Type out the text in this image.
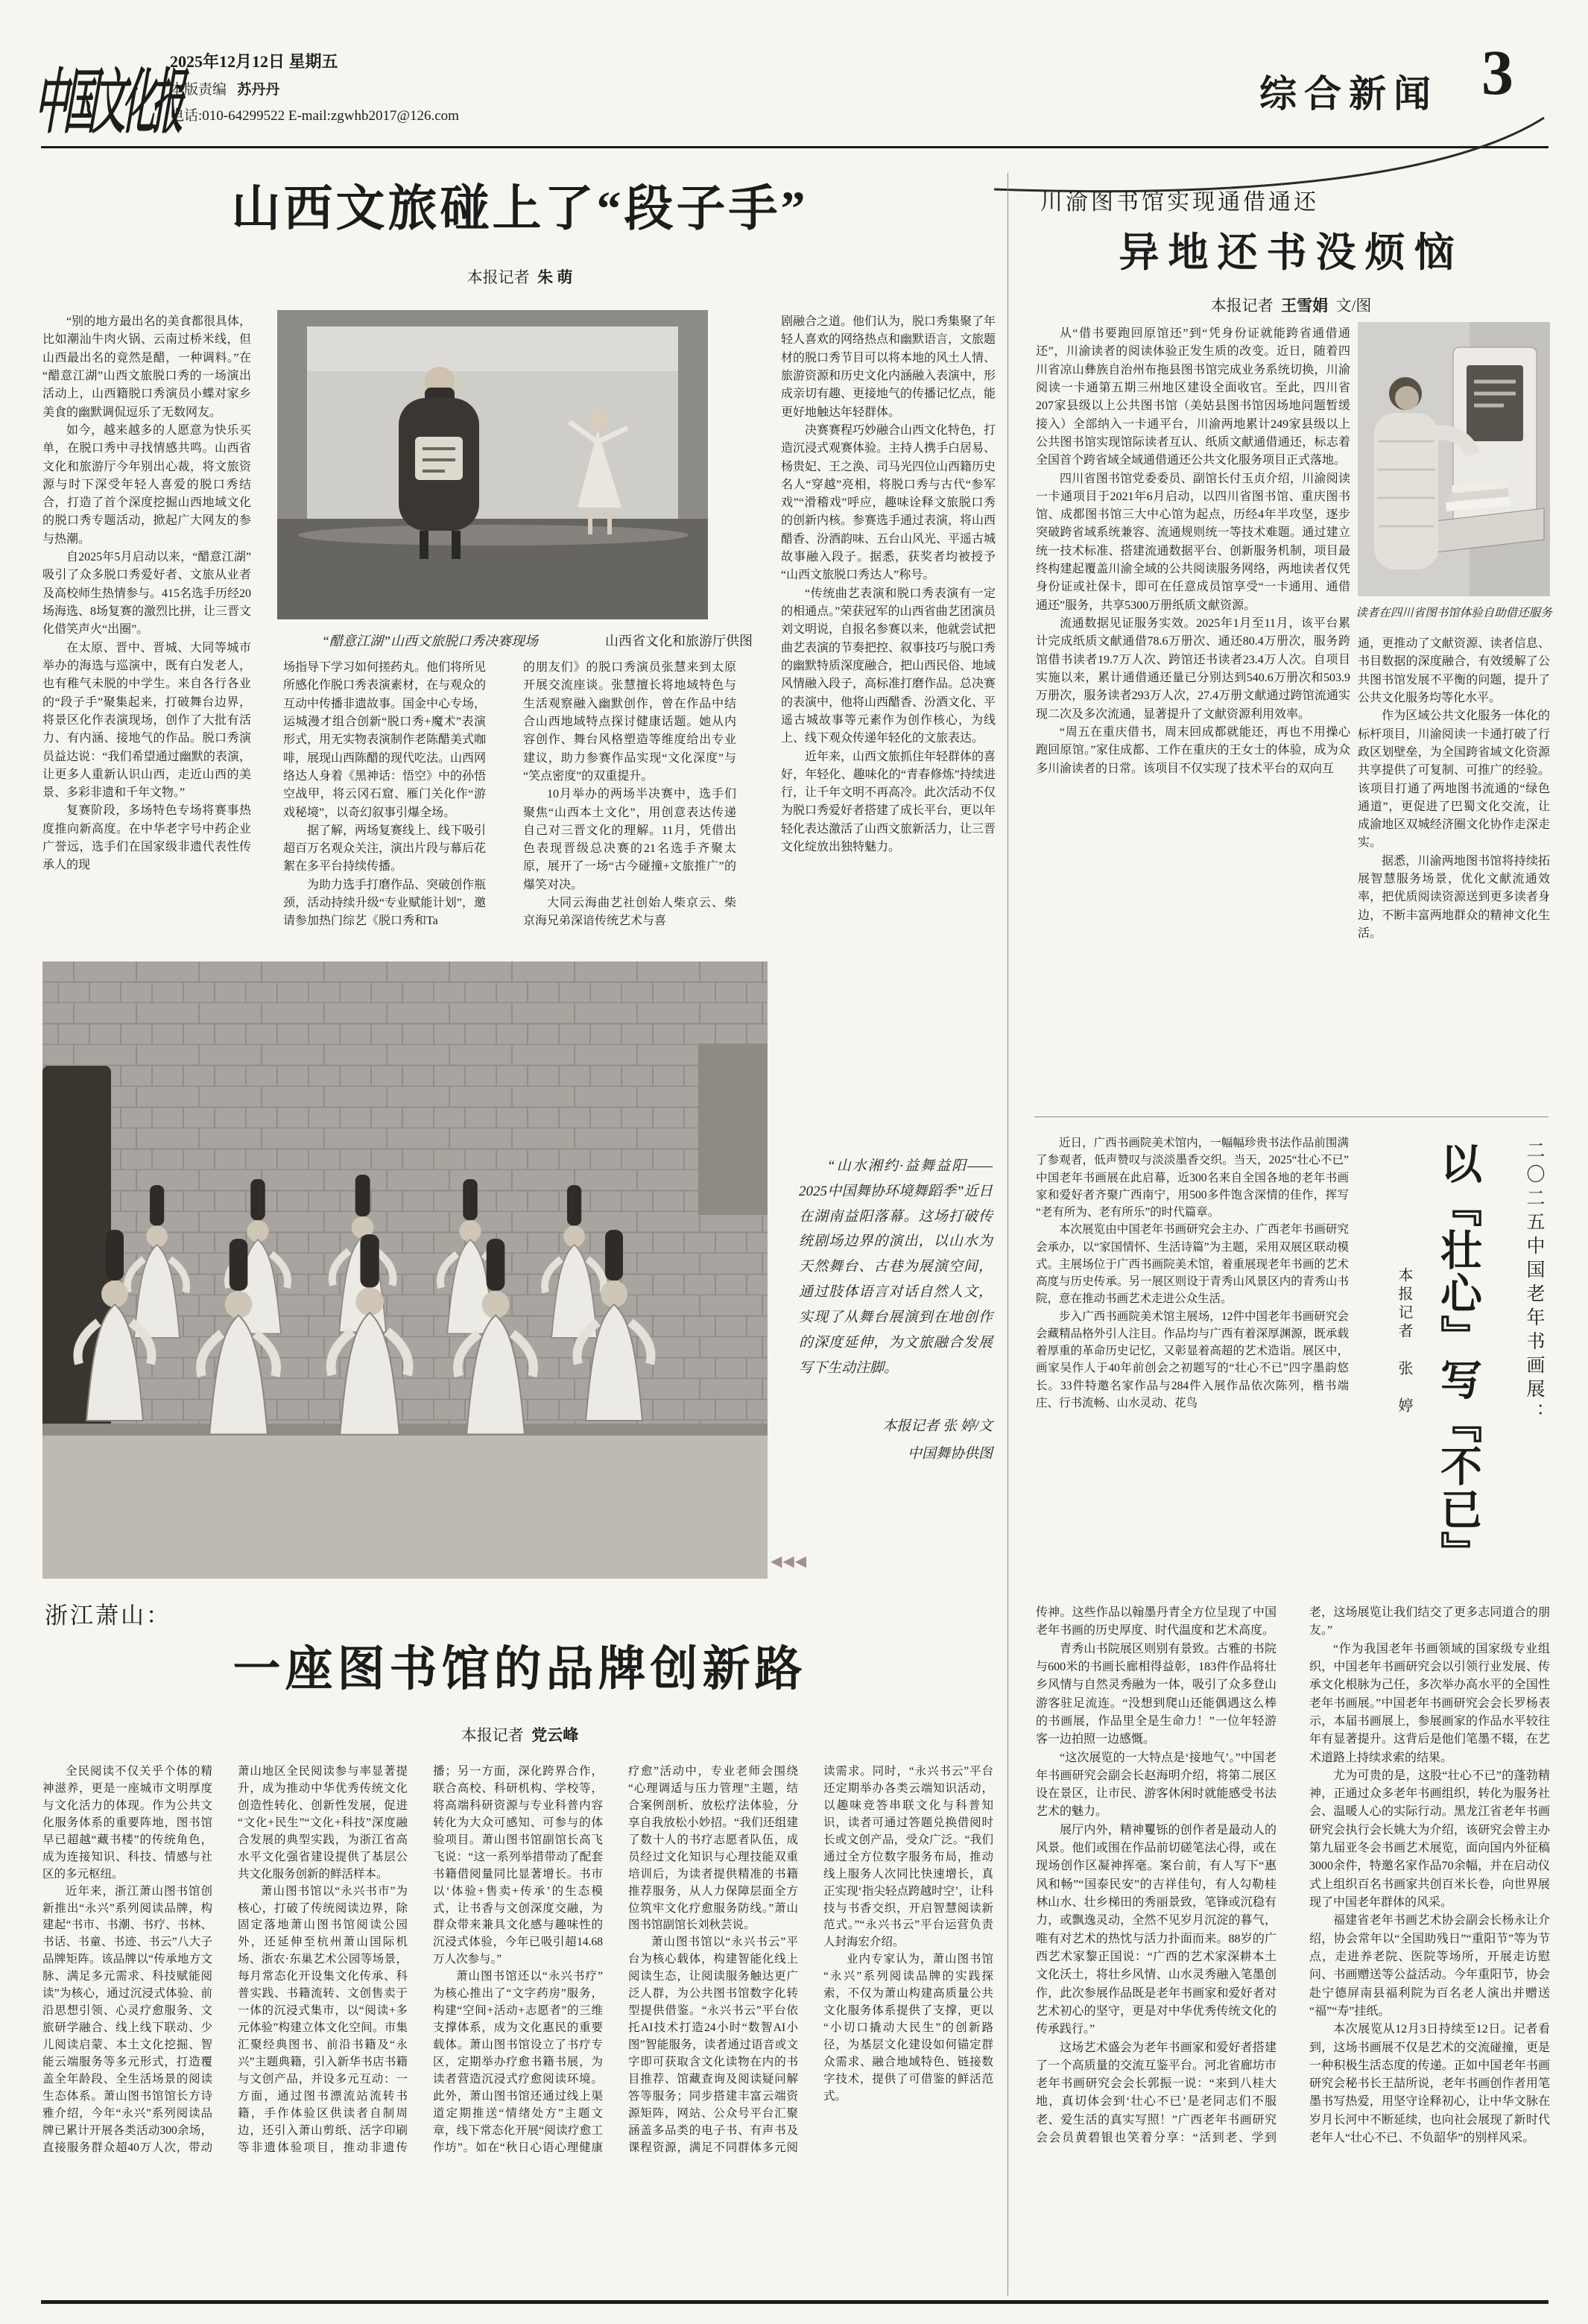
中国文化报
2025年12月12日 星期五
本版责编 苏丹丹
电话:010-64299522 E-mail:zgwhb2017@126.com
综合新闻 3
山西文旅碰上了“段子手”
本报记者 朱 萌

“别的地方最出名的美食都很具体，比如潮汕牛肉火锅、云南过桥米线，但山西最出名的竟然是醋，一种调料。”在“醋意江湖”山西文旅脱口秀的一场演出活动上，山西籍脱口秀演员小蝶对家乡美食的幽默调侃逗乐了无数网友。

如今，越来越多的人愿意为快乐买单，在脱口秀中寻找情感共鸣。山西省文化和旅游厅今年别出心裁，将文旅资源与时下深受年轻人喜爱的脱口秀结合，打造了首个深度挖掘山西地域文化的脱口秀专题活动，掀起广大网友的参与热潮。

自2025年5月启动以来，“醋意江湖”吸引了众多脱口秀爱好者、文旅从业者及高校师生热情参与。415名选手历经20场海选、8场复赛的激烈比拼，让三晋文化借笑声火“出圈”。

在太原、晋中、晋城、大同等城市举办的海选与巡演中，既有白发老人，也有稚气未脱的中学生。来自各行各业的“段子手”聚集起来，打破舞台边界，将景区化作表演现场，创作了大批有活力、有内涵、接地气的作品。脱口秀演员益达说：“我们希望通过幽默的表演，让更多人重新认识山西，走近山西的美景、多彩非遗和千年文物。”

复赛阶段，多场特色专场将赛事热度推向新高度。在中华老字号中药企业广誉远，选手们在国家级非遗代表性传承人的现

“醋意江湖”山西文旅脱口秀决赛现场	山西省文化和旅游厅供图

场指导下学习如何搓药丸。他们将所见所感化作脱口秀表演素材，在与观众的互动中传播非遗故事。国金中心专场，运城漫才组合创新“脱口秀+魔术”表演形式，用无实物表演制作老陈醋美式咖啡，展现山西陈醋的现代吃法。山西网络达人身着《黑神话：悟空》中的孙悟空战甲，将云冈石窟、雁门关化作“游戏秘境”，以奇幻叙事引爆全场。

据了解，两场复赛线上、线下吸引超百万名观众关注，演出片段与幕后花絮在多平台持续传播。

为助力选手打磨作品、突破创作瓶颈，活动持续升级“专业赋能计划”，邀请参加热门综艺《脱口秀和Ta

的朋友们》的脱口秀演员张慧来到太原开展交流座谈。张慧擅长将地域特色与生活观察融入幽默创作，曾在作品中结合山西地域特点探讨健康话题。她从内容创作、舞台风格塑造等维度给出专业建议，助力参赛作品实现“文化深度”与“笑点密度”的双重提升。

10月举办的两场半决赛中，选手们聚焦“山西本土文化”，用创意表达传递自己对三晋文化的理解。11月，凭借出色表现晋级总决赛的21名选手齐聚太原，展开了一场“古今碰撞+文旅推广”的爆笑对决。

大同云海曲艺社创始人柴京云、柴京海兄弟深谙传统艺术与喜

剧融合之道。他们认为，脱口秀集聚了年轻人喜欢的网络热点和幽默语言，文旅题材的脱口秀节目可以将本地的风土人情、旅游资源和历史文化内涵融入表演中，形成亲切有趣、更接地气的传播记忆点，能更好地触达年轻群体。

决赛赛程巧妙融合山西文化特色，打造沉浸式观赛体验。主持人携手白居易、杨贵妃、王之涣、司马光四位山西籍历史名人“穿越”亮相，将脱口秀与古代“参军戏”“滑稽戏”呼应，趣味诠释文旅脱口秀的创新内核。参赛选手通过表演，将山西醋香、汾酒韵味、五台山风光、平遥古城故事融入段子。据悉，获奖者均被授予“山西文旅脱口秀达人”称号。

“传统曲艺表演和脱口秀表演有一定的相通点。”荣获冠军的山西省曲艺团演员刘文明说，自报名参赛以来，他就尝试把曲艺表演的节奏把控、叙事技巧与脱口秀的幽默特质深度融合，把山西民俗、地域风情融入段子，高标准打磨作品。总决赛的表演中，他将山西醋香、汾酒文化、平遥古城故事等元素作为创作核心，为线上、线下观众传递年轻化的文旅表达。

近年来，山西文旅抓住年轻群体的喜好，年轻化、趣味化的“青春修炼”持续进行，让千年文明不再高冷。此次活动不仅为脱口秀爱好者搭建了成长平台，更以年轻化表达激活了山西文旅新活力，让三晋文化绽放出独特魅力。

川渝图书馆实现通借通还
异地还书没烦恼
本报记者 王雪娟 文/图

从“借书要跑回原馆还”到“凭身份证就能跨省通借通还”，川渝读者的阅读体验正发生质的改变。近日，随着四川省凉山彝族自治州布拖县图书馆完成业务系统切换，川渝阅读一卡通第五期三州地区建设全面收官。至此，四川省207家县级以上公共图书馆（美姑县图书馆因场地问题暂缓接入）全部纳入一卡通平台，川渝两地累计249家县级以上公共图书馆实现馆际读者互认、纸质文献通借通还，标志着全国首个跨省域全域通借通还公共文化服务项目正式落地。

四川省图书馆党委委员、副馆长付玉贞介绍，川渝阅读一卡通项目于2021年6月启动，以四川省图书馆、重庆图书馆、成都图书馆三大中心馆为起点，历经4年半攻坚，逐步突破跨省域系统兼容、流通规则统一等技术难题。通过建立统一技术标准、搭建流通数据平台、创新服务机制，项目最终构建起覆盖川渝全域的公共阅读服务网络，两地读者仅凭身份证或社保卡，即可在任意成员馆享受“一卡通用、通借通还”服务，共享5300万册纸质文献资源。

流通数据见证服务实效。2025年1月至11月，该平台累计完成纸质文献通借78.6万册次、通还80.4万册次，服务跨馆借书读者19.7万人次、跨馆还书读者23.4万人次。自项目实施以来，累计通借通还量已分别达到540.6万册次和503.9万册次，服务读者293万人次，27.4万册文献通过跨馆流通实现二次及多次流通，显著提升了文献资源利用效率。

“周五在重庆借书，周末回成都就能还，再也不用操心跑回原馆。”家住成都、工作在重庆的王女士的体验，成为众多川渝读者的日常。该项目不仅实现了技术平台的双向互

读者在四川省图书馆体验自助借还服务

通，更推动了文献资源、读者信息、书目数据的深度融合，有效缓解了公共图书馆发展不平衡的问题，提升了公共文化服务均等化水平。

作为区域公共文化服务一体化的标杆项目，川渝阅读一卡通打破了行政区划壁垒，为全国跨省域文化资源共享提供了可复制、可推广的经验。该项目打通了两地图书流通的“绿色通道”，更促进了巴蜀文化交流，让成渝地区双城经济圈文化协作走深走实。

据悉，川渝两地图书馆将持续拓展智慧服务场景，优化文献流通效率，把优质阅读资源送到更多读者身边，不断丰富两地群众的精神文化生活。

“山水湘约·益舞益阳——2025中国舞协环境舞蹈季”近日在湖南益阳落幕。这场打破传统剧场边界的演出，以山水为天然舞台、古巷为展演空间，通过肢体语言对话自然人文，实现了从舞台展演到在地创作的深度延伸，为文旅融合发展写下生动注脚。

本报记者 张 婷/文
中国舞协供图
◀◀◀
浙江萧山：
一座图书馆的品牌创新路
本报记者 党云峰

全民阅读不仅关乎个体的精神滋养，更是一座城市文明厚度与文化活力的体现。作为公共文化服务体系的重要阵地，图书馆早已超越“藏书楼”的传统角色，成为连接知识、科技、情感与社区的多元枢纽。

近年来，浙江萧山图书馆创新推出“永兴”系列阅读品牌，构建起“书市、书潮、书疗、书林、书话、书童、书迹、书云”八大子品牌矩阵。该品牌以“传承地方文脉、满足多元需求、科技赋能阅读”为核心，通过沉浸式体验、前沿思想引领、心灵疗愈服务、文旅研学融合、线上线下联动、少儿阅读启蒙、本土文化挖掘、智能云端服务等多元形式，打造覆盖全年龄段、全生活场景的阅读生态体系。萧山图书馆馆长方诗雅介绍，今年“永兴”系列阅读品牌已累计开展各类活动300余场，直接服务群众超40万人次，带动萧山地区全民阅读参与率显著提升，成为推动中华优秀传统文化创造性转化、创新性发展，促进“文化+民生”“文化+科技”深度融合发展的典型实践，为浙江省高水平文化强省建设提供了基层公共文化服务创新的鲜活样本。

萧山图书馆以“永兴书市”为核心，打破了传统阅读边界，除固定落地萧山图书馆阅读公园外，还延伸至杭州萧山国际机场、浙农·东巢艺术公园等场景，每月常态化开设集文化传承、科普实践、书籍流转、文创售卖于一体的沉浸式集市，以“阅读+多元体验”构建立体文化空间。市集汇聚经典图书、前沿书籍及“永兴”主题典籍，引入新华书店书籍与文创产品，并设多元互动：一方面，通过图书漂流站流转书籍，手作体验区供读者自制周边，还引入萧山剪纸、活字印刷等非遗体验项目，推动非遗传播；另一方面，深化跨界合作，联合高校、科研机构、学校等，将高端科研资源与专业科普内容转化为大众可感知、可参与的体验项目。萧山图书馆副馆长高飞飞说：“这一系列举措带动了配套书籍借阅量同比显著增长。书市以‘体验+售卖+传承’的生态模式，让书香与文创深度交融，为群众带来兼具文化感与趣味性的沉浸式体验，今年已吸引超14.68万人次参与。”

萧山图书馆还以“永兴书疗”为核心推出了“文字药房”服务，构建“空间+活动+志愿者”的三维支撑体系，成为文化惠民的重要载体。萧山图书馆设立了书疗专区，定期举办疗愈书籍书展，为读者营造沉浸式疗愈阅读环境。此外，萧山图书馆还通过线上渠道定期推送“情绪处方”主题文章，线下常态化开展“阅读疗愈工作坊”。如在“秋日心语心理健康疗愈”活动中，专业老师会围绕“心理调适与压力管理”主题，结合案例剖析、放松疗法体验，分享自我放松小妙招。“我们还组建了数十人的书疗志愿者队伍，成员经过文化知识与心理技能双重培训后，为读者提供精准的书籍推荐服务，从人力保障层面全方位筑牢文化疗愈服务防线。”萧山图书馆副馆长刘秋芸说。

萧山图书馆以“永兴书云”平台为核心载体，构建智能化线上阅读生态，让阅读服务触达更广泛人群，为公共图书馆数字化转型提供借鉴。“永兴书云”平台依托AI技术打造24小时“数智AI小图”智能服务，读者通过语音或文字即可获取含文化读物在内的书目推荐、馆藏查询及阅读疑问解答等服务；同步搭建丰富云端资源矩阵，网站、公众号平台汇聚涵盖多品类的电子书、有声书及课程资源，满足不同群体多元阅读需求。同时，“永兴书云”平台还定期举办各类云端知识活动，以趣味竞答串联文化与科普知识，读者可通过答题兑换借阅时长或文创产品，受众广泛。“我们通过全方位数字服务布局，推动线上服务人次同比快速增长，真正实现‘指尖轻点跨越时空’，让科技与书香交织，开启智慧阅读新范式。”“永兴书云”平台运营负责人封海宏介绍。

业内专家认为，萧山图书馆“永兴”系列阅读品牌的实践探索，不仅为萧山构建高质量公共文化服务体系提供了支撑，更以“小切口撬动大民生”的创新路径，为基层文化建设如何锚定群众需求、融合地域特色、链接数字技术，提供了可借鉴的鲜活范式。

近日，广西书画院美术馆内，一幅幅珍贵书法作品前围满了参观者，低声赞叹与淡淡墨香交织。当天，2025“壮心不已”中国老年书画展在此启幕，近300名来自全国各地的老年书画家和爱好者齐聚广西南宁，用500多件饱含深情的佳作，挥写“老有所为、老有所乐”的时代篇章。

本次展览由中国老年书画研究会主办、广西老年书画研究会承办，以“家国情怀、生活诗篇”为主题，采用双展区联动模式。主展场位于广西书画院美术馆，着重展现老年书画的艺术高度与历史传承。另一展区则设于青秀山风景区内的青秀山书院，意在推动书画艺术走进公众生活。

步入广西书画院美术馆主展场，12件中国老年书画研究会会藏精品格外引人注目。作品均与广西有着深厚渊源，既承载着厚重的革命历史记忆，又彰显着高超的艺术造诣。展区中，画家吴作人于40年前创会之初题写的“壮心不已”四字墨韵悠长。33件特邀名家作品与284件入展作品依次陈列，楷书端庄、行书流畅、山水灵动、花鸟	二〇二五中国老年书画展：
以『壮心』写『不已』
本报记者　张　婷

传神。这些作品以翰墨丹青全方位呈现了中国老年书画的历史厚度、时代温度和艺术高度。

青秀山书院展区则别有景致。古雅的书院与600米的书画长廊相得益彰，183件作品将壮乡风情与自然灵秀融为一体，吸引了众多登山游客驻足流连。“没想到爬山还能偶遇这么棒的书画展，作品里全是生命力！”一位年轻游客一边拍照一边感慨。

“这次展览的一大特点是‘接地气’。”中国老年书画研究会副会长赵海明介绍，将第二展区设在景区，让市民、游客休闲时就能感受书法艺术的魅力。

展厅内外，精神矍铄的创作者是最动人的风景。他们或围在作品前切磋笔法心得，或在现场创作区凝神挥毫。案台前，有人写下“惠风和畅”“国泰民安”的吉祥佳句，有人勾勒桂林山水、壮乡梯田的秀丽景致，笔锋或沉稳有力，或飘逸灵动，全然不见岁月沉淀的暮气，唯有对艺术的热忱与活力扑面而来。88岁的广西艺术家黎正国说：“广西的艺术家深耕本土文化沃土，将壮乡风情、山水灵秀融入笔墨创作，此次参展作品既是老年书画家和爱好者对艺术初心的坚守，更是对中华优秀传统文化的传承践行。”

这场艺术盛会为老年书画家和爱好者搭建了一个高质量的交流互鉴平台。河北省廊坊市老年书画研究会会长郭振一说：“来到八桂大地，真切体会到‘壮心不已’是老同志们不服老、爱生活的真实写照！”广西老年书画研究会会员黄碧银也笑着分享：“活到老、学到老，这场展览让我们结交了更多志同道合的朋友。”

“作为我国老年书画领域的国家级专业组织，中国老年书画研究会以引领行业发展、传承文化根脉为己任，多次举办高水平的全国性老年书画展。”中国老年书画研究会会长罗杨表示，本届书画展上，参展画家的作品水平较往年有显著提升。这背后是他们笔墨不辍，在艺术道路上持续求索的结果。

尤为可贵的是，这股“壮心不已”的蓬勃精神，正通过众多老年书画组织，转化为服务社会、温暖人心的实际行动。黑龙江省老年书画研究会执行会长姚大为介绍，该研究会曾主办第九届亚冬会书画艺术展览，面向国内外征稿3000余件，特邀名家作品70余幅，并在启动仪式上组织百名书画家共创百米长卷，向世界展现了中国老年群体的风采。

福建省老年书画艺术协会副会长杨永让介绍，协会常年以“全国助残日”“重阳节”等为节点，走进养老院、医院等场所，开展走访慰问、书画赠送等公益活动。今年重阳节，协会赴宁德屏南县福利院为百名老人演出并赠送“福”“寿”挂纸。

本次展览从12月3日持续至12日。记者看到，这场书画展不仅是艺术的交流碰撞，更是一种积极生活态度的传递。正如中国老年书画研究会秘书长王喆所说，老年书画创作者用笔墨书写热爱，用坚守诠释初心，让中华文脉在岁月长河中不断延续，也向社会展现了新时代老年人“壮心不已、不负韶华”的别样风采。
